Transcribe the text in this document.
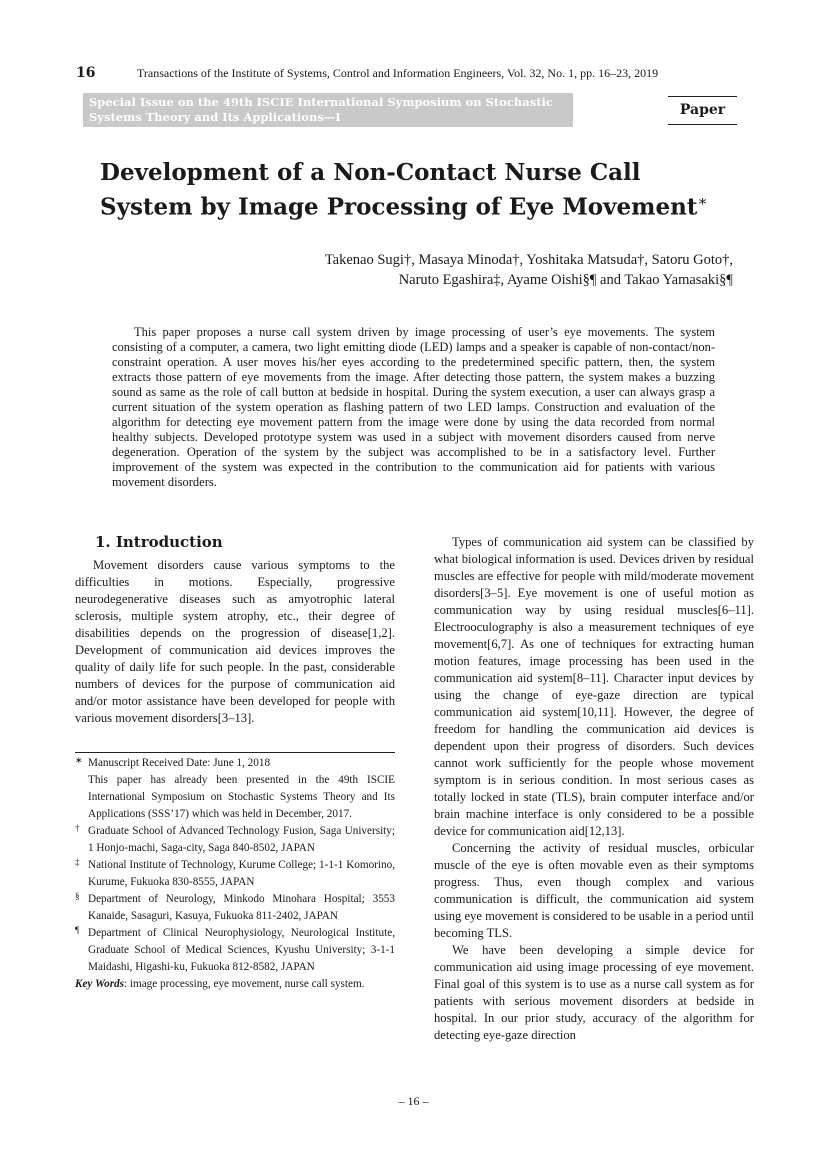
16	Transactions of the Institute of Systems, Control and Information Engineers, Vol. 32, No. 1, pp. 16–23, 2019
Special Issue on the 49th ISCIE International Symposium on Stochastic
Systems Theory and Its Applications—I	Paper
Development of a Non-Contact Nurse Call
System by Image Processing of Eye Movement∗
Takenao Sugi†, Masaya Minoda†, Yoshitaka Matsuda†, Satoru Goto†,
Naruto Egashira‡, Ayame Oishi§¶ and Takao Yamasaki§¶
This paper proposes a nurse call system driven by image processing of user’s eye movements. The system consisting of a computer, a camera, two light emitting diode (LED) lamps and a speaker is capable of non-contact/non-constraint operation. A user moves his/her eyes according to the predetermined specific pattern, then, the system extracts those pattern of eye movements from the image. After detecting those pattern, the system makes a buzzing sound as same as the role of call button at bedside in hospital. During the system execution, a user can always grasp a current situation of the system operation as flashing pattern of two LED lamps. Construction and evaluation of the algorithm for detecting eye movement pattern from the image were done by using the data recorded from normal healthy subjects. Developed prototype system was used in a subject with movement disorders caused from nerve degeneration. Operation of the system by the subject was accomplished to be in a satisfactory level. Further improvement of the system was expected in the contribution to the communication aid for patients with various movement disorders.
1. Introduction

Movement disorders cause various symptoms to the difficulties in motions. Especially, progressive neurodegenerative diseases such as amyotrophic lateral sclerosis, multiple system atrophy, etc., their degree of disabilities depends on the progression of disease[1,2]. Development of communication aid devices improves the quality of daily life for such people. In the past, considerable numbers of devices for the purpose of communication aid and/or motor assistance have been developed for people with various movement disorders[3–13].

∗ Manuscript Received Date: June 1, 2018
This paper has already been presented in the 49th ISCIE International Symposium on Stochastic Systems Theory and Its Applications (SSS’17) which was held in December, 2017.
† Graduate School of Advanced Technology Fusion, Saga University; 1 Honjo-machi, Saga-city, Saga 840-8502, JAPAN
‡ National Institute of Technology, Kurume College; 1-1-1 Komorino, Kurume, Fukuoka 830-8555, JAPAN
§ Department of Neurology, Minkodo Minohara Hospital; 3553 Kanaide, Sasaguri, Kasuya, Fukuoka 811-2402, JAPAN
¶ Department of Clinical Neurophysiology, Neurological Institute, Graduate School of Medical Sciences, Kyushu University; 3-1-1 Maidashi, Higashi-ku, Fukuoka 812-8582, JAPAN
Key Words: image processing, eye movement, nurse call system.

Types of communication aid system can be classified by what biological information is used. Devices driven by residual muscles are effective for people with mild/moderate movement disorders[3–5]. Eye movement is one of useful motion as communication way by using residual muscles[6–11]. Electrooculography is also a measurement techniques of eye movement[6,7]. As one of techniques for extracting human motion features, image processing has been used in the communication aid system[8–11]. Character input devices by using the change of eye-gaze direction are typical communication aid system[10,11]. However, the degree of freedom for handling the communication aid devices is dependent upon their progress of disorders. Such devices cannot work sufficiently for the people whose movement symptom is in serious condition. In most serious cases as totally locked in state (TLS), brain computer interface and/or brain machine interface is only considered to be a possible device for communication aid[12,13].

Concerning the activity of residual muscles, orbicular muscle of the eye is often movable even as their symptoms progress. Thus, even though complex and various communication is difficult, the communication aid system using eye movement is considered to be usable in a period until becoming TLS.

We have been developing a simple device for communication aid using image processing of eye movement. Final goal of this system is to use as a nurse call system as for patients with serious movement disorders at bedside in hospital. In our prior study, accuracy of the algorithm for detecting eye-gaze direction

– 16 –
